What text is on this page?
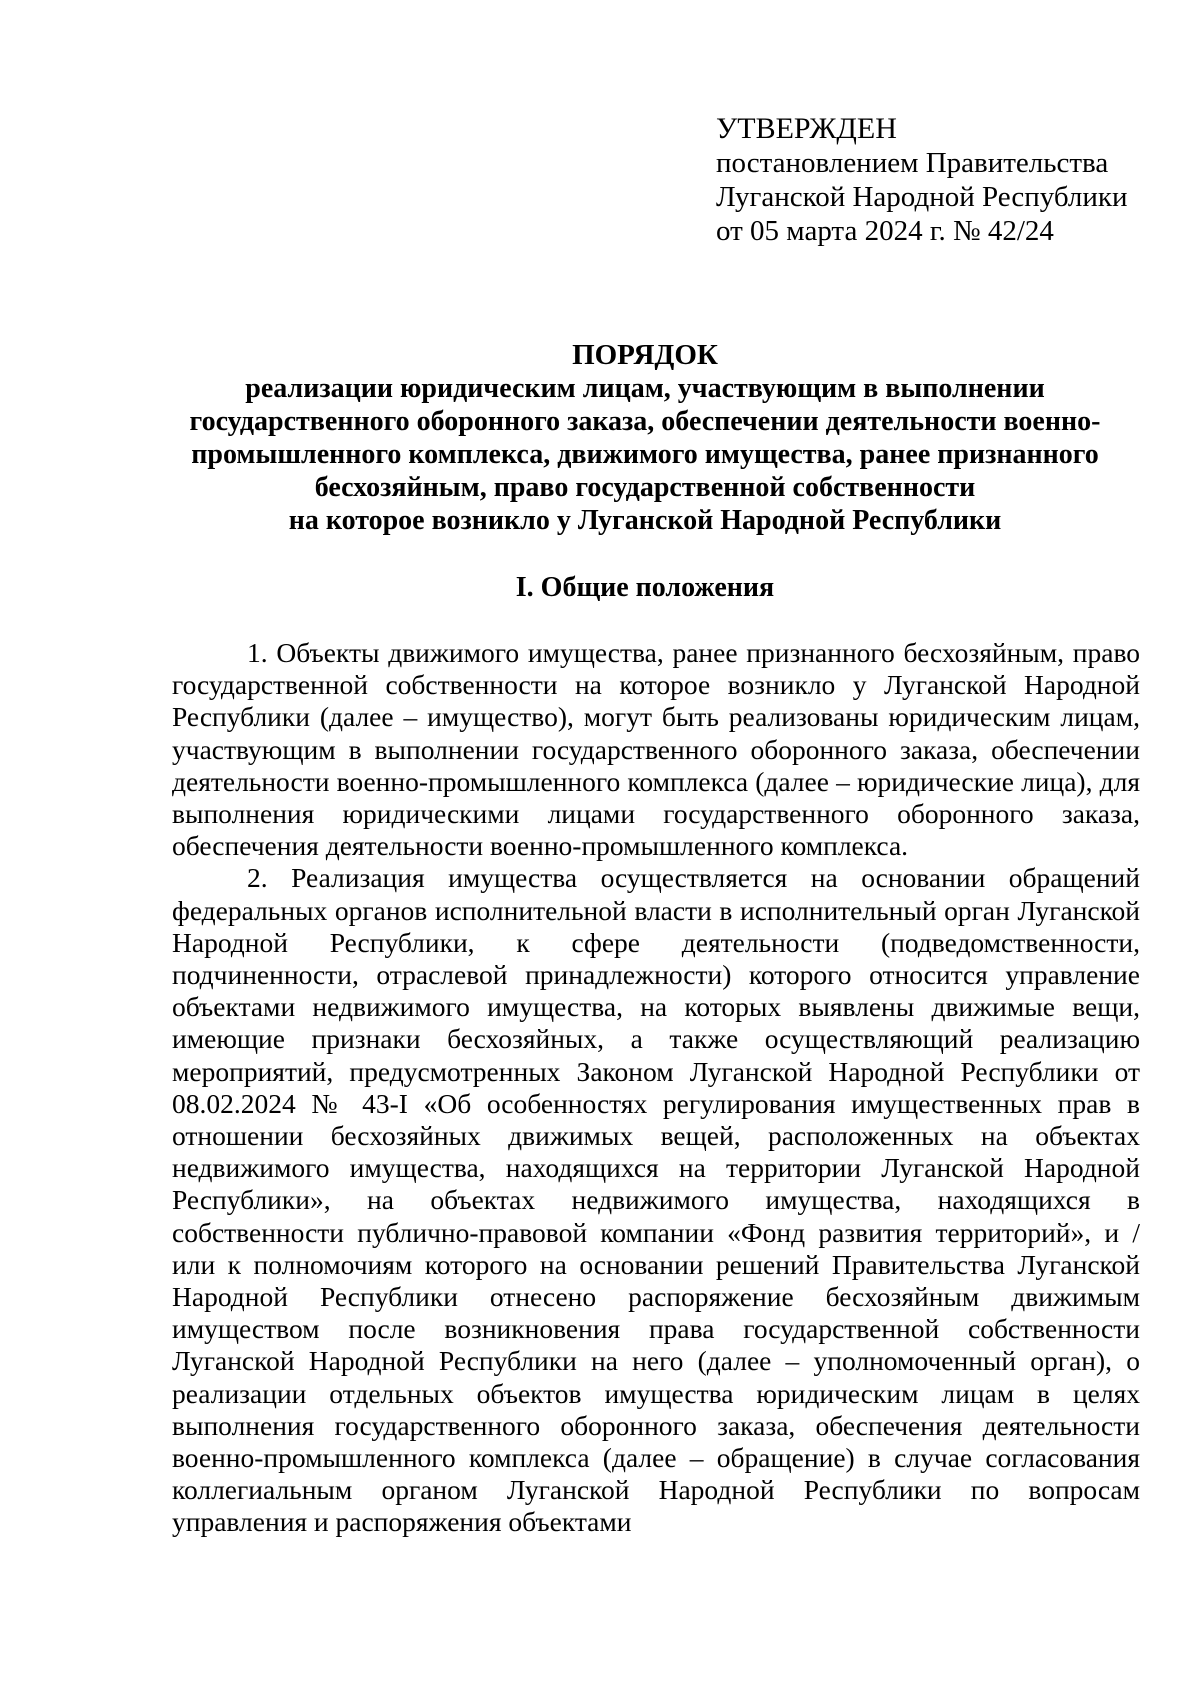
УТВЕРЖДЕН
постановлением Правительства
Луганской Народной Республики
от 05 марта 2024 г. № 42/24
ПОРЯДОК
реализации юридическим лицам, участвующим в выполнении
государственного оборонного заказа, обеспечении деятельности военно-
промышленного комплекса, движимого имущества, ранее признанного
бесхозяйным, право государственной собственности
на которое возникло у Луганской Народной Республики
I. Общие положения

1. Объекты движимого имущества, ранее признанного бесхозяйным, право государственной собственности на которое возникло у Луганской Народной Республики (далее – имущество), могут быть реализованы юридическим лицам, участвующим в выполнении государственного оборонного заказа, обеспечении деятельности военно-промышленного комплекса (далее – юридические лица), для выполнения юридическими лицами государственного оборонного заказа, обеспечения деятельности военно-промышленного комплекса.

2. Реализация имущества осуществляется на основании обращений федеральных органов исполнительной власти в исполнительный орган Луганской Народной Республики, к сфере деятельности (подведомственности, подчиненности, отраслевой принадлежности) которого относится управление объектами недвижимого имущества, на которых выявлены движимые вещи, имеющие признаки бесхозяйных, а также осуществляющий реализацию мероприятий, предусмотренных Законом Луганской Народной Республики от 08.02.2024 № 43-I «Об особенностях регулирования имущественных прав в отношении бесхозяйных движимых вещей, расположенных на объектах недвижимого имущества, находящихся на территории Луганской Народной Республики», на объектах недвижимого имущества, находящихся в собственности публично-правовой компании «Фонд развития территорий», и / или к полномочиям которого на основании решений Правительства Луганской Народной Республики отнесено распоряжение бесхозяйным движимым имуществом после возникновения права государственной собственности Луганской Народной Республики на него (далее – уполномоченный орган), о реализации отдельных объектов имущества юридическим лицам в целях выполнения государственного оборонного заказа, обеспечения деятельности военно-промышленного комплекса (далее – обращение) в случае согласования коллегиальным органом Луганской Народной Республики по вопросам управления и распоряжения объектами
